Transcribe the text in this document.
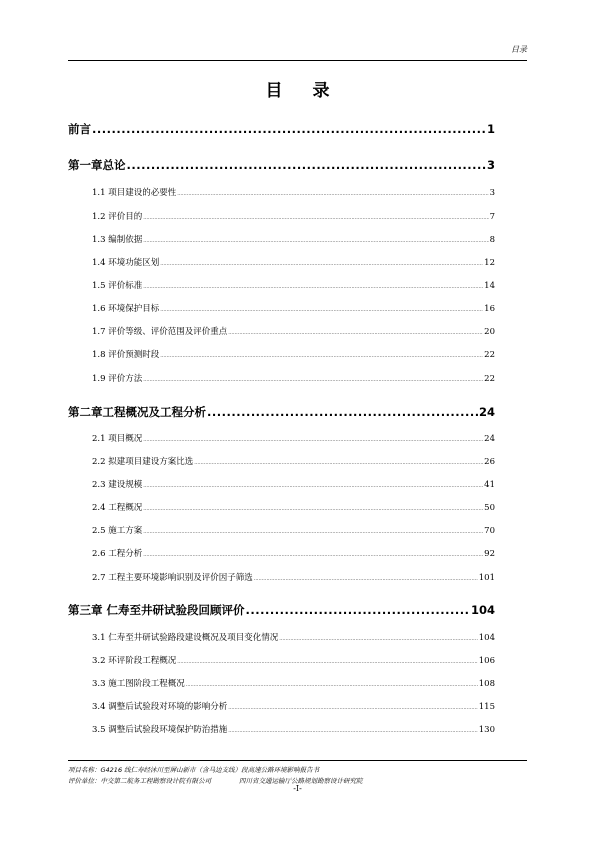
目录
目 录
前言 .....	1
第一章总论 .....	3
1.1 项目建设的必要性 .....	3
1.2 评价目的 .....	7
1.3 编制依据 .....	8
1.4 环境功能区划 .....	12
1.5 评价标准 .....	14
1.6 环境保护目标 .....	16
1.7 评价等级、评价范围及评价重点 .....	20
1.8 评价预测时段 .....	22
1.9 评价方法 .....	22
第二章工程概况及工程分析 .....	24
2.1 项目概况 .....	24
2.2 拟建项目建设方案比选 .....	26
2.3 建设规模 .....	41
2.4 工程概况 .....	50
2.5 施工方案 .....	70
2.6 工程分析 .....	92
2.7 工程主要环境影响识别及评价因子筛选 .....	101
第三章 仁寿至井研试验段回顾评价 .....	104
3.1 仁寿至井研试验路段建设概况及项目变化情况 .....	104
3.2 环评阶段工程概况 .....	106
3.3 施工图阶段工程概况 .....	108
3.4 调整后试验段对环境的影响分析 .....	115
3.5 调整后试验段环境保护防治措施 .....	130
项目名称：G4216 线仁寿经沐川至屏山新市（含马边支线）段高速公路环境影响报告书
评价单位：中交第二航务工程勘察设计院有限公司	四川省交通运输厅公路规划勘察设计研究院
-I-
